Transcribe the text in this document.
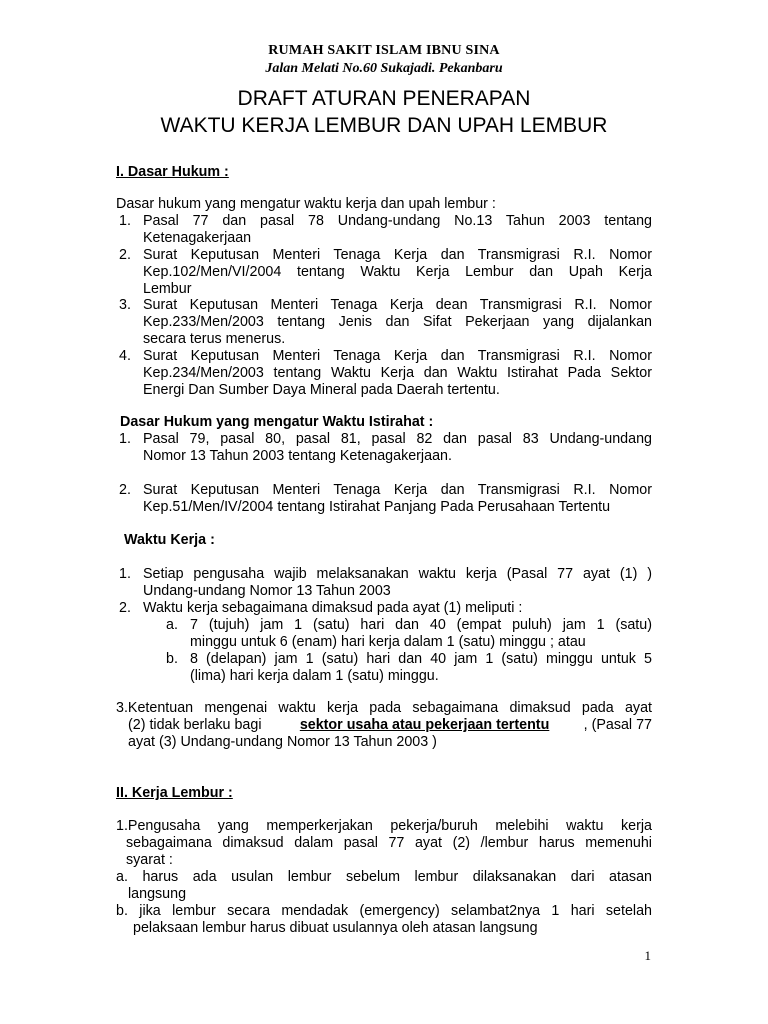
RUMAH SAKIT ISLAM IBNU SINA
Jalan Melati No.60 Sukajadi. Pekanbaru
DRAFT ATURAN PENERAPAN
WAKTU KERJA LEMBUR DAN UPAH LEMBUR
I. Dasar Hukum :
Dasar hukum yang mengatur waktu kerja dan upah lembur :
1. Pasal 77 dan pasal 78 Undang-undang No.13 Tahun 2003 tentang
Ketenagakerjaan
2. Surat Keputusan Menteri Tenaga Kerja dan Transmigrasi R.I. Nomor
Kep.102/Men/VI/2004 tentang Waktu Kerja Lembur dan Upah Kerja
Lembur
3. Surat Keputusan Menteri Tenaga Kerja dean Transmigrasi R.I. Nomor
Kep.233/Men/2003 tentang Jenis dan Sifat Pekerjaan yang dijalankan
secara terus menerus.
4. Surat Keputusan Menteri Tenaga Kerja dan Transmigrasi R.I. Nomor
Kep.234/Men/2003 tentang Waktu Kerja dan Waktu Istirahat Pada Sektor
Energi Dan Sumber Daya Mineral pada Daerah tertentu.
Dasar Hukum yang mengatur Waktu Istirahat :
1. Pasal 79, pasal 80, pasal 81, pasal 82 dan pasal 83 Undang-undang
Nomor 13 Tahun 2003 tentang Ketenagakerjaan.
2. Surat Keputusan Menteri Tenaga Kerja dan Transmigrasi R.I. Nomor
Kep.51/Men/IV/2004 tentang Istirahat Panjang Pada Perusahaan Tertentu
Waktu Kerja :
1. Setiap pengusaha wajib melaksanakan waktu kerja (Pasal 77 ayat (1) )
Undang-undang Nomor 13 Tahun 2003
2. Waktu kerja sebagaimana dimaksud pada ayat (1) meliputi :
a. 7 (tujuh) jam 1 (satu) hari dan 40 (empat puluh) jam 1 (satu)
minggu untuk 6 (enam) hari kerja dalam 1 (satu) minggu ; atau
b. 8 (delapan) jam 1 (satu) hari dan 40 jam 1 (satu) minggu untuk 5
(lima) hari kerja dalam 1 (satu) minggu.
3.Ketentuan mengenai waktu kerja pada sebagaimana dimaksud pada ayat
(2) tidak berlaku bagi sektor usaha atau pekerjaan tertentu , (Pasal 77
ayat (3) Undang-undang Nomor 13 Tahun 2003 )
II. Kerja Lembur :
1.Pengusaha yang memperkerjakan pekerja/buruh melebihi waktu kerja
sebagaimana dimaksud dalam pasal 77 ayat (2) /lembur harus memenuhi
syarat :
a. harus ada usulan lembur sebelum lembur dilaksanakan dari atasan
langsung
b. jika lembur secara mendadak (emergency) selambat2nya 1 hari setelah
pelaksaan lembur harus dibuat usulannya oleh atasan langsung
1
